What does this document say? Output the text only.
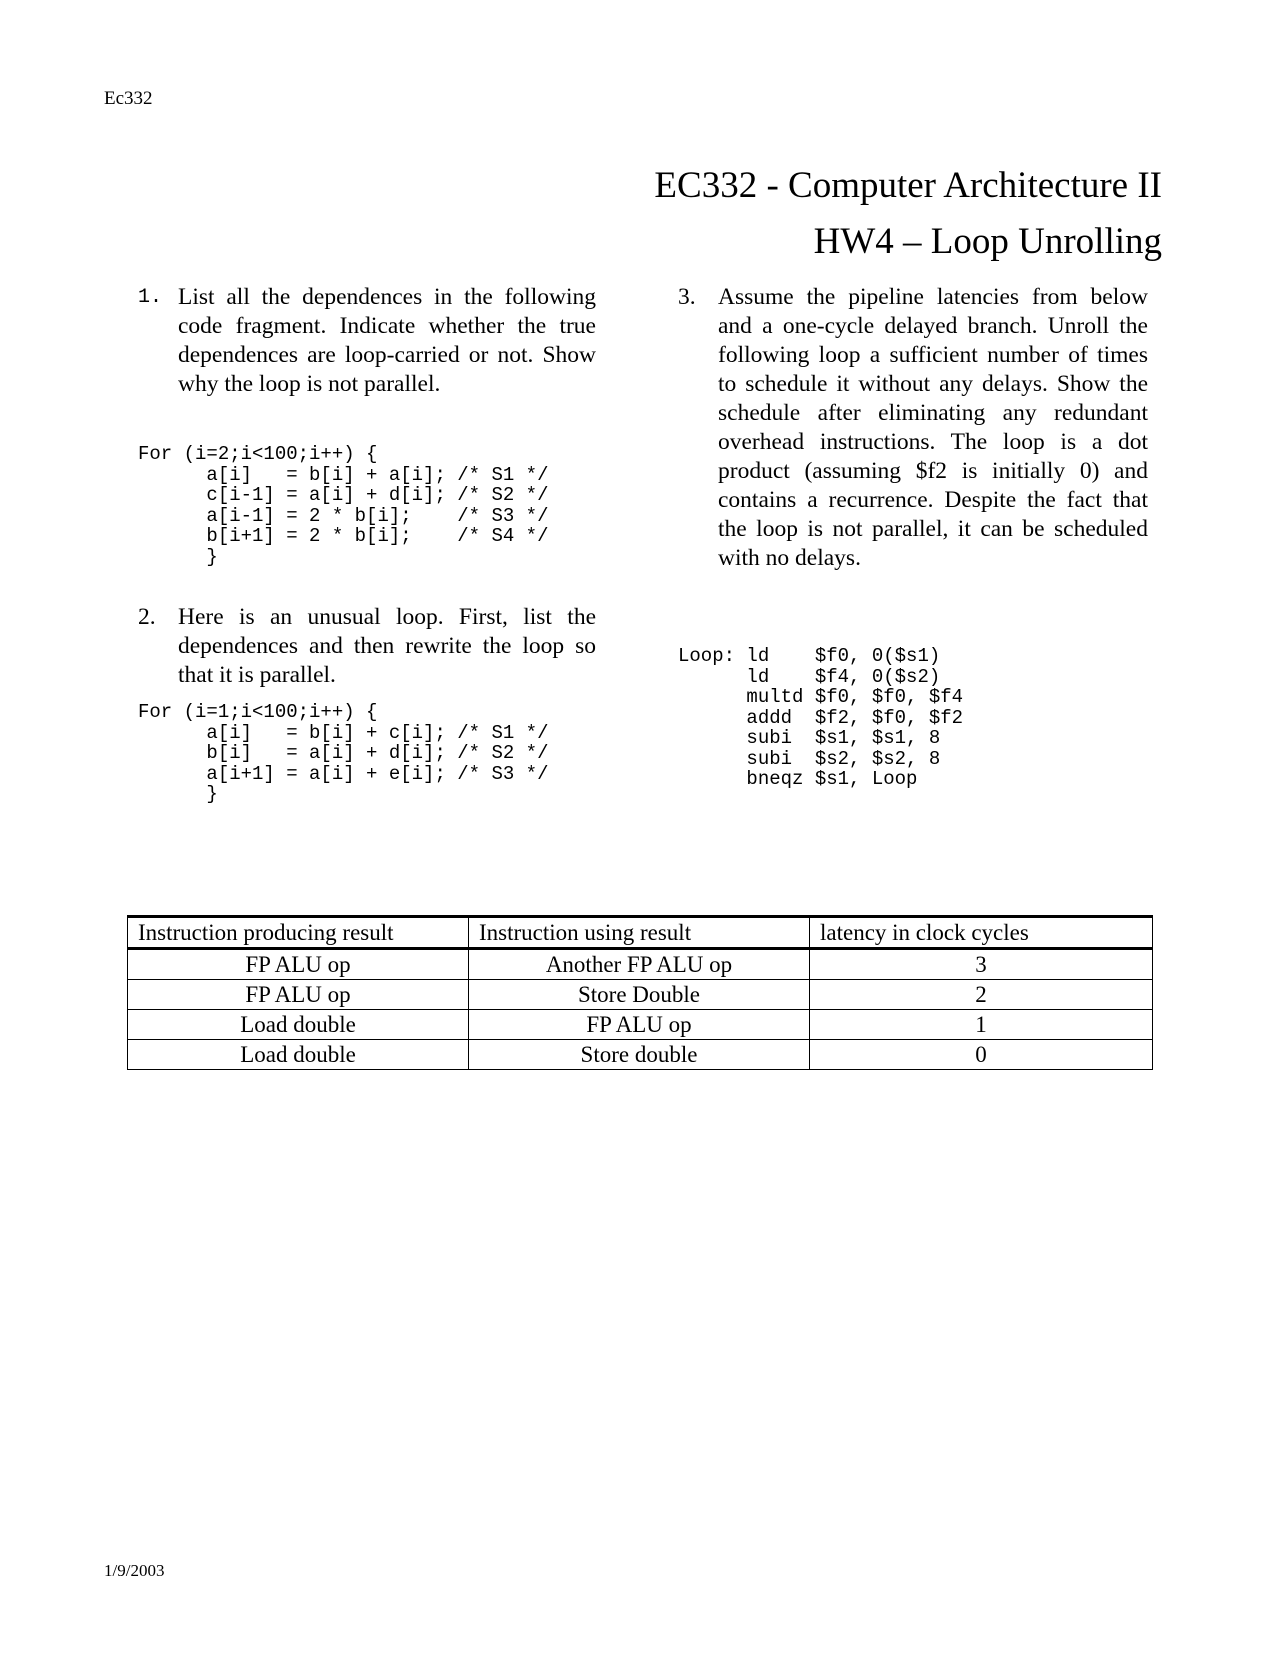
Ec332
EC332 - Computer Architecture II
HW4 – Loop Unrolling
1. List all the dependences in the following code fragment. Indicate whether the true dependences are loop-carried or not. Show why the loop is not parallel.
For (i=2;i<100;i++) {
a[i]   = b[i] + a[i]; /* S1 */
c[i-1] = a[i] + d[i]; /* S2 */
a[i-1] = 2 * b[i];    /* S3 */
b[i+1] = 2 * b[i];    /* S4 */
}
2. Here is an unusual loop. First, list the dependences and then rewrite the loop so that it is parallel.
For (i=1;i<100;i++) {
a[i]   = b[i] + c[i]; /* S1 */
b[i]   = a[i] + d[i]; /* S2 */
a[i+1] = a[i] + e[i]; /* S3 */
}
3. Assume the pipeline latencies from below and a one-cycle delayed branch. Unroll the following loop a sufficient number of times to schedule it without any delays. Show the schedule after eliminating any redundant overhead instructions. The loop is a dot product (assuming $f2 is initially 0) and contains a recurrence. Despite the fact that the loop is not parallel, it can be scheduled with no delays.
Loop: ld    $f0, 0($s1)
ld    $f4, 0($s2)
multd $f0, $f0, $f4
addd  $f2, $f0, $f2
subi  $s1, $s1, 8
subi  $s2, $s2, 8
bneqz $s1, Loop
Instruction producing result	Instruction using result	latency in clock cycles
FP ALU op	Another FP ALU op	3
FP ALU op	Store Double	2
Load double	FP ALU op	1
Load double	Store double	0
1/9/2003
